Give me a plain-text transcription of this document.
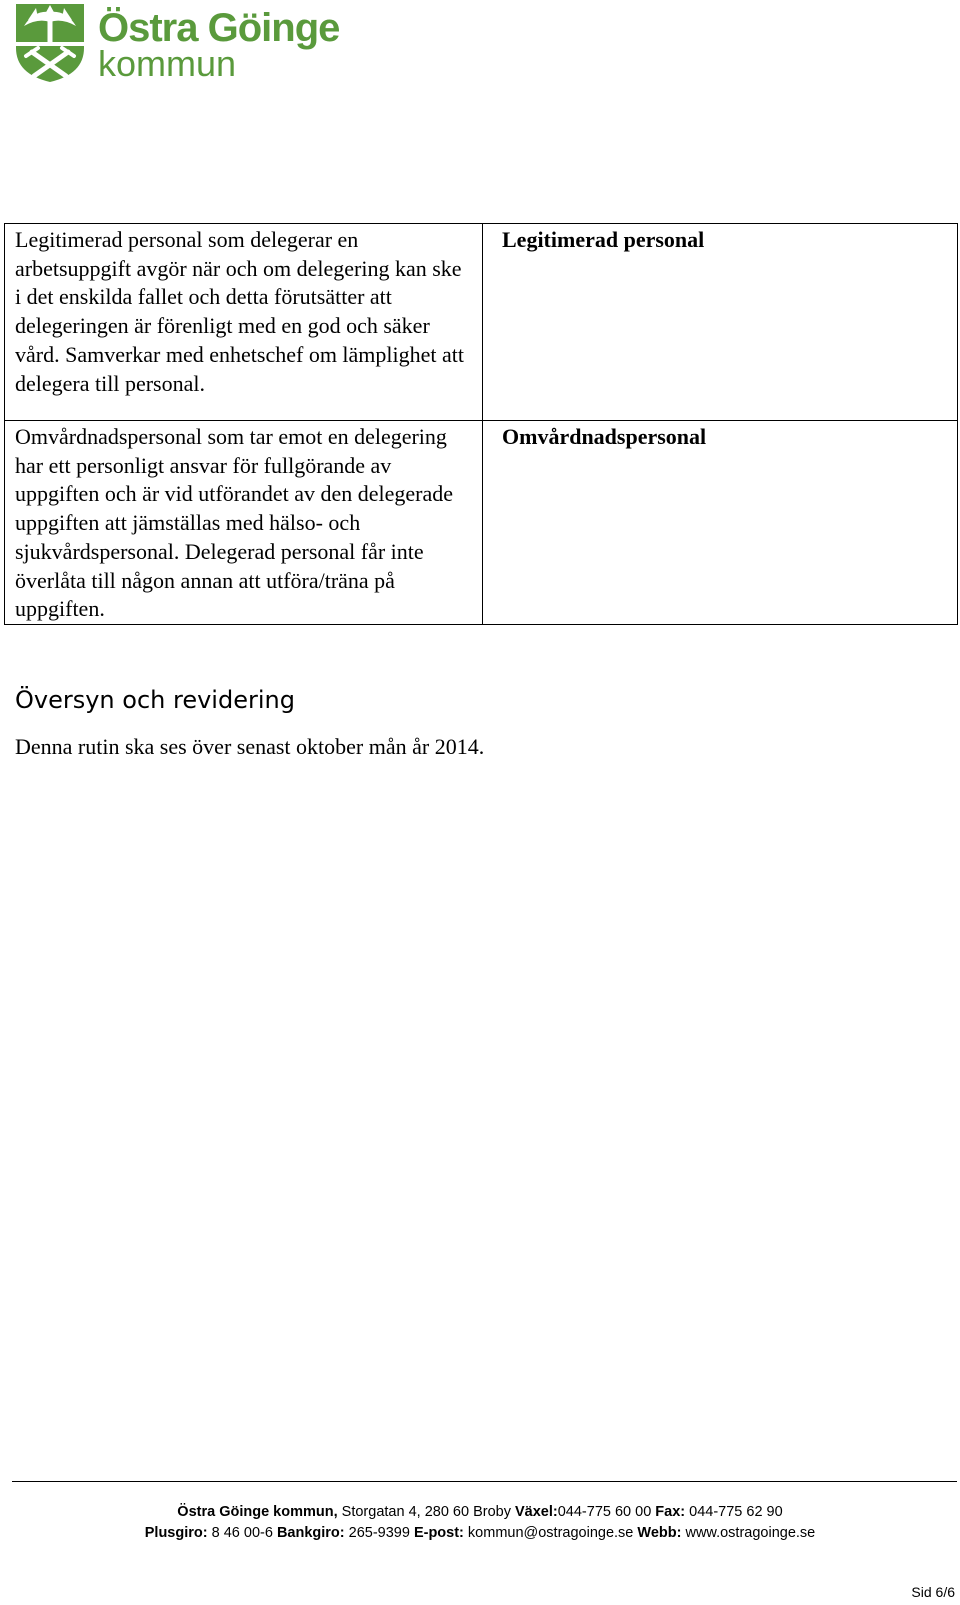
Östra Göinge
kommun
Legitimerad personal som delegerar en arbetsuppgift avgör när och om delegering kan ske i det enskilda fallet och detta förutsätter att delegeringen är förenligt med en god och säker vård. Samverkar med enhetschef om lämplighet att delegera till personal.	Legitimerad personal
Omvårdnadspersonal som tar emot en delegering har ett personligt ansvar för fullgörande av uppgiften och är vid utförandet av den delegerade uppgiften att jämställas med hälso- och sjukvårdspersonal. Delegerad personal får inte överlåta till någon annan att utföra/träna på uppgiften.	Omvårdnadspersonal
Översyn och revidering

Denna rutin ska ses över senast oktober mån år 2014.

Östra Göinge kommun, Storgatan 4, 280 60 Broby Växel:044-775 60 00 Fax: 044-775 62 90
Plusgiro: 8 46 00-6 Bankgiro: 265-9399 E-post: kommun@ostragoinge.se Webb: www.ostragoinge.se
Sid 6/6
